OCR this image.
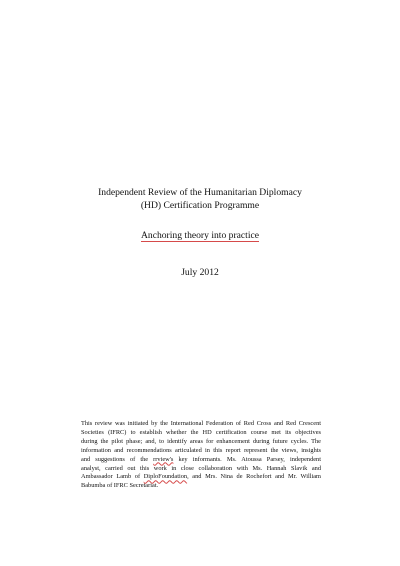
Independent Review of the Humanitarian Diplomacy
(HD) Certification Programme
Anchoring theory into practice
July 2012
This review was initiated by the International Federation of Red Cross and Red Crescent
Societies (IFRC) to establish whether the HD certification course met its objectives
during the pilot phase; and, to identify areas for enhancement during future cycles. The
information and recommendations articulated in this report represent the views, insights
and suggestions of the rrview's key informants. Ms. Atoussa Parsey, independent
analyst, carried out this work in close collaboration with Ms. Hannah Slavik and
Ambassador Lamb of DiploFoundation, and Mrs. Nina de Rochefort and Mr. William
Babumba of IFRC Secretariat.
